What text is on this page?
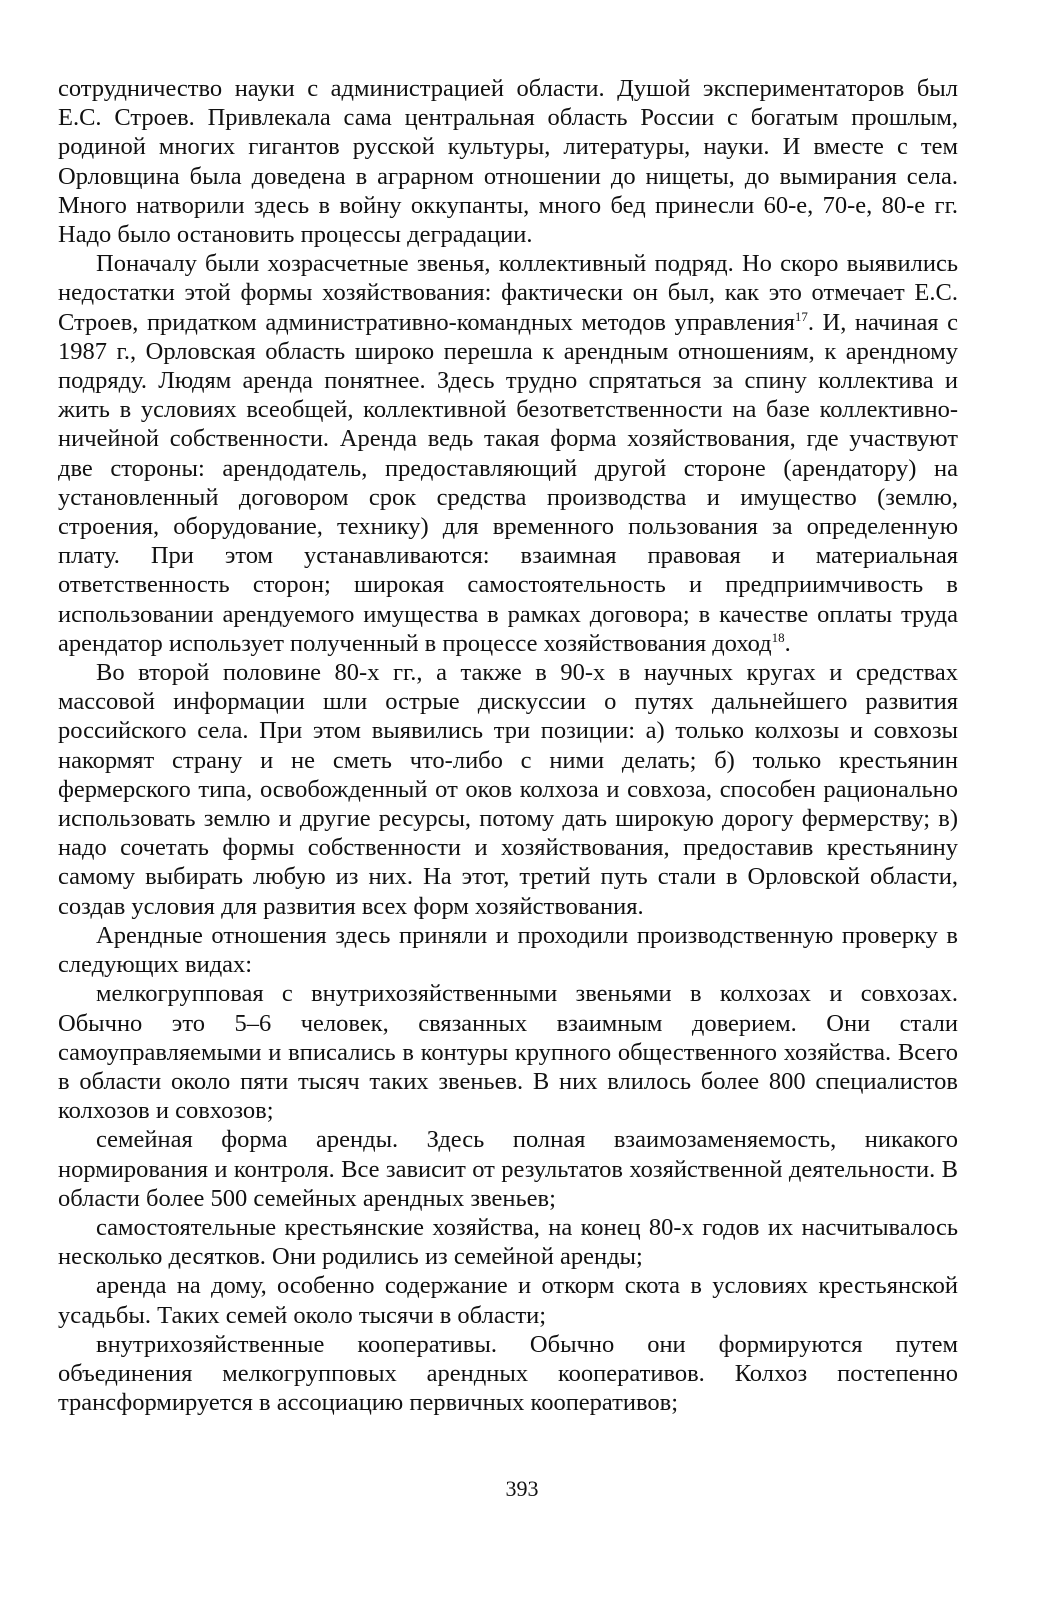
сотрудничество науки с администрацией области. Душой экспериментаторов был Е.С. Строев. Привлекала сама центральная область России с богатым прошлым, родиной многих гигантов русской культуры, литературы, науки. И вместе с тем Орловщина была доведена в аграрном отношении до нищеты, до вымирания села. Много натворили здесь в войну оккупанты, много бед принесли 60-е, 70-е, 80-е гг. Надо было остановить процессы деградации.

Поначалу были хозрасчетные звенья, коллективный подряд. Но скоро выявились недостатки этой формы хозяйствования: фактически он был, как это отмечает Е.С. Строев, придатком административно-командных методов управления$^{17}$. И, начиная с 1987 г., Орловская область широко перешла к арендным отношениям, к арендному подряду. Людям аренда понятнее. Здесь трудно спрятаться за спину коллектива и жить в условиях всеобщей, коллективной безответственности на базе коллективно-ничейной собственности. Аренда ведь такая форма хозяйствования, где участвуют две стороны: арендодатель, предоставляющий другой стороне (арендатору) на установленный договором срок средства производства и имущество (землю, строения, оборудование, технику) для временного пользования за определенную плату. При этом устанавливаются: взаимная правовая и материальная ответственность сторон; широкая самостоятельность и предприимчивость в использовании арендуемого имущества в рамках договора; в качестве оплаты труда арендатор использует полученный в процессе хозяйствования доход$^{18}$.

Во второй половине 80-х гг., а также в 90-х в научных кругах и средствах массовой информации шли острые дискуссии о путях дальнейшего развития российского села. При этом выявились три позиции: а) только колхозы и совхозы накормят страну и не сметь что-либо с ними делать; б) только крестьянин фермерского типа, освобожденный от оков колхоза и совхоза, способен рационально использовать землю и другие ресурсы, потому дать широкую дорогу фермерству; в) надо сочетать формы собственности и хозяйствования, предоставив крестьянину самому выбирать любую из них. На этот, третий путь стали в Орловской области, создав условия для развития всех форм хозяйствования.

Арендные отношения здесь приняли и проходили производственную проверку в следующих видах:

мелкогрупповая с внутрихозяйственными звеньями в колхозах и совхозах. Обычно это 5–6 человек, связанных взаимным доверием. Они стали самоуправляемыми и вписались в контуры крупного общественного хозяйства. Всего в области около пяти тысяч таких звеньев. В них влилось более 800 специалистов колхозов и совхозов;

семейная форма аренды. Здесь полная взаимозаменяемость, никакого нормирования и контроля. Все зависит от результатов хозяйственной деятельности. В области более 500 семейных арендных звеньев;

самостоятельные крестьянские хозяйства, на конец 80-х годов их насчитывалось несколько десятков. Они родились из семейной аренды;

аренда на дому, особенно содержание и откорм скота в условиях крестьянской усадьбы. Таких семей около тысячи в области;

внутрихозяйственные кооперативы. Обычно они формируются путем объединения мелкогрупповых арендных кооперативов. Колхоз постепенно трансформируется в ассоциацию первичных кооперативов;

393
